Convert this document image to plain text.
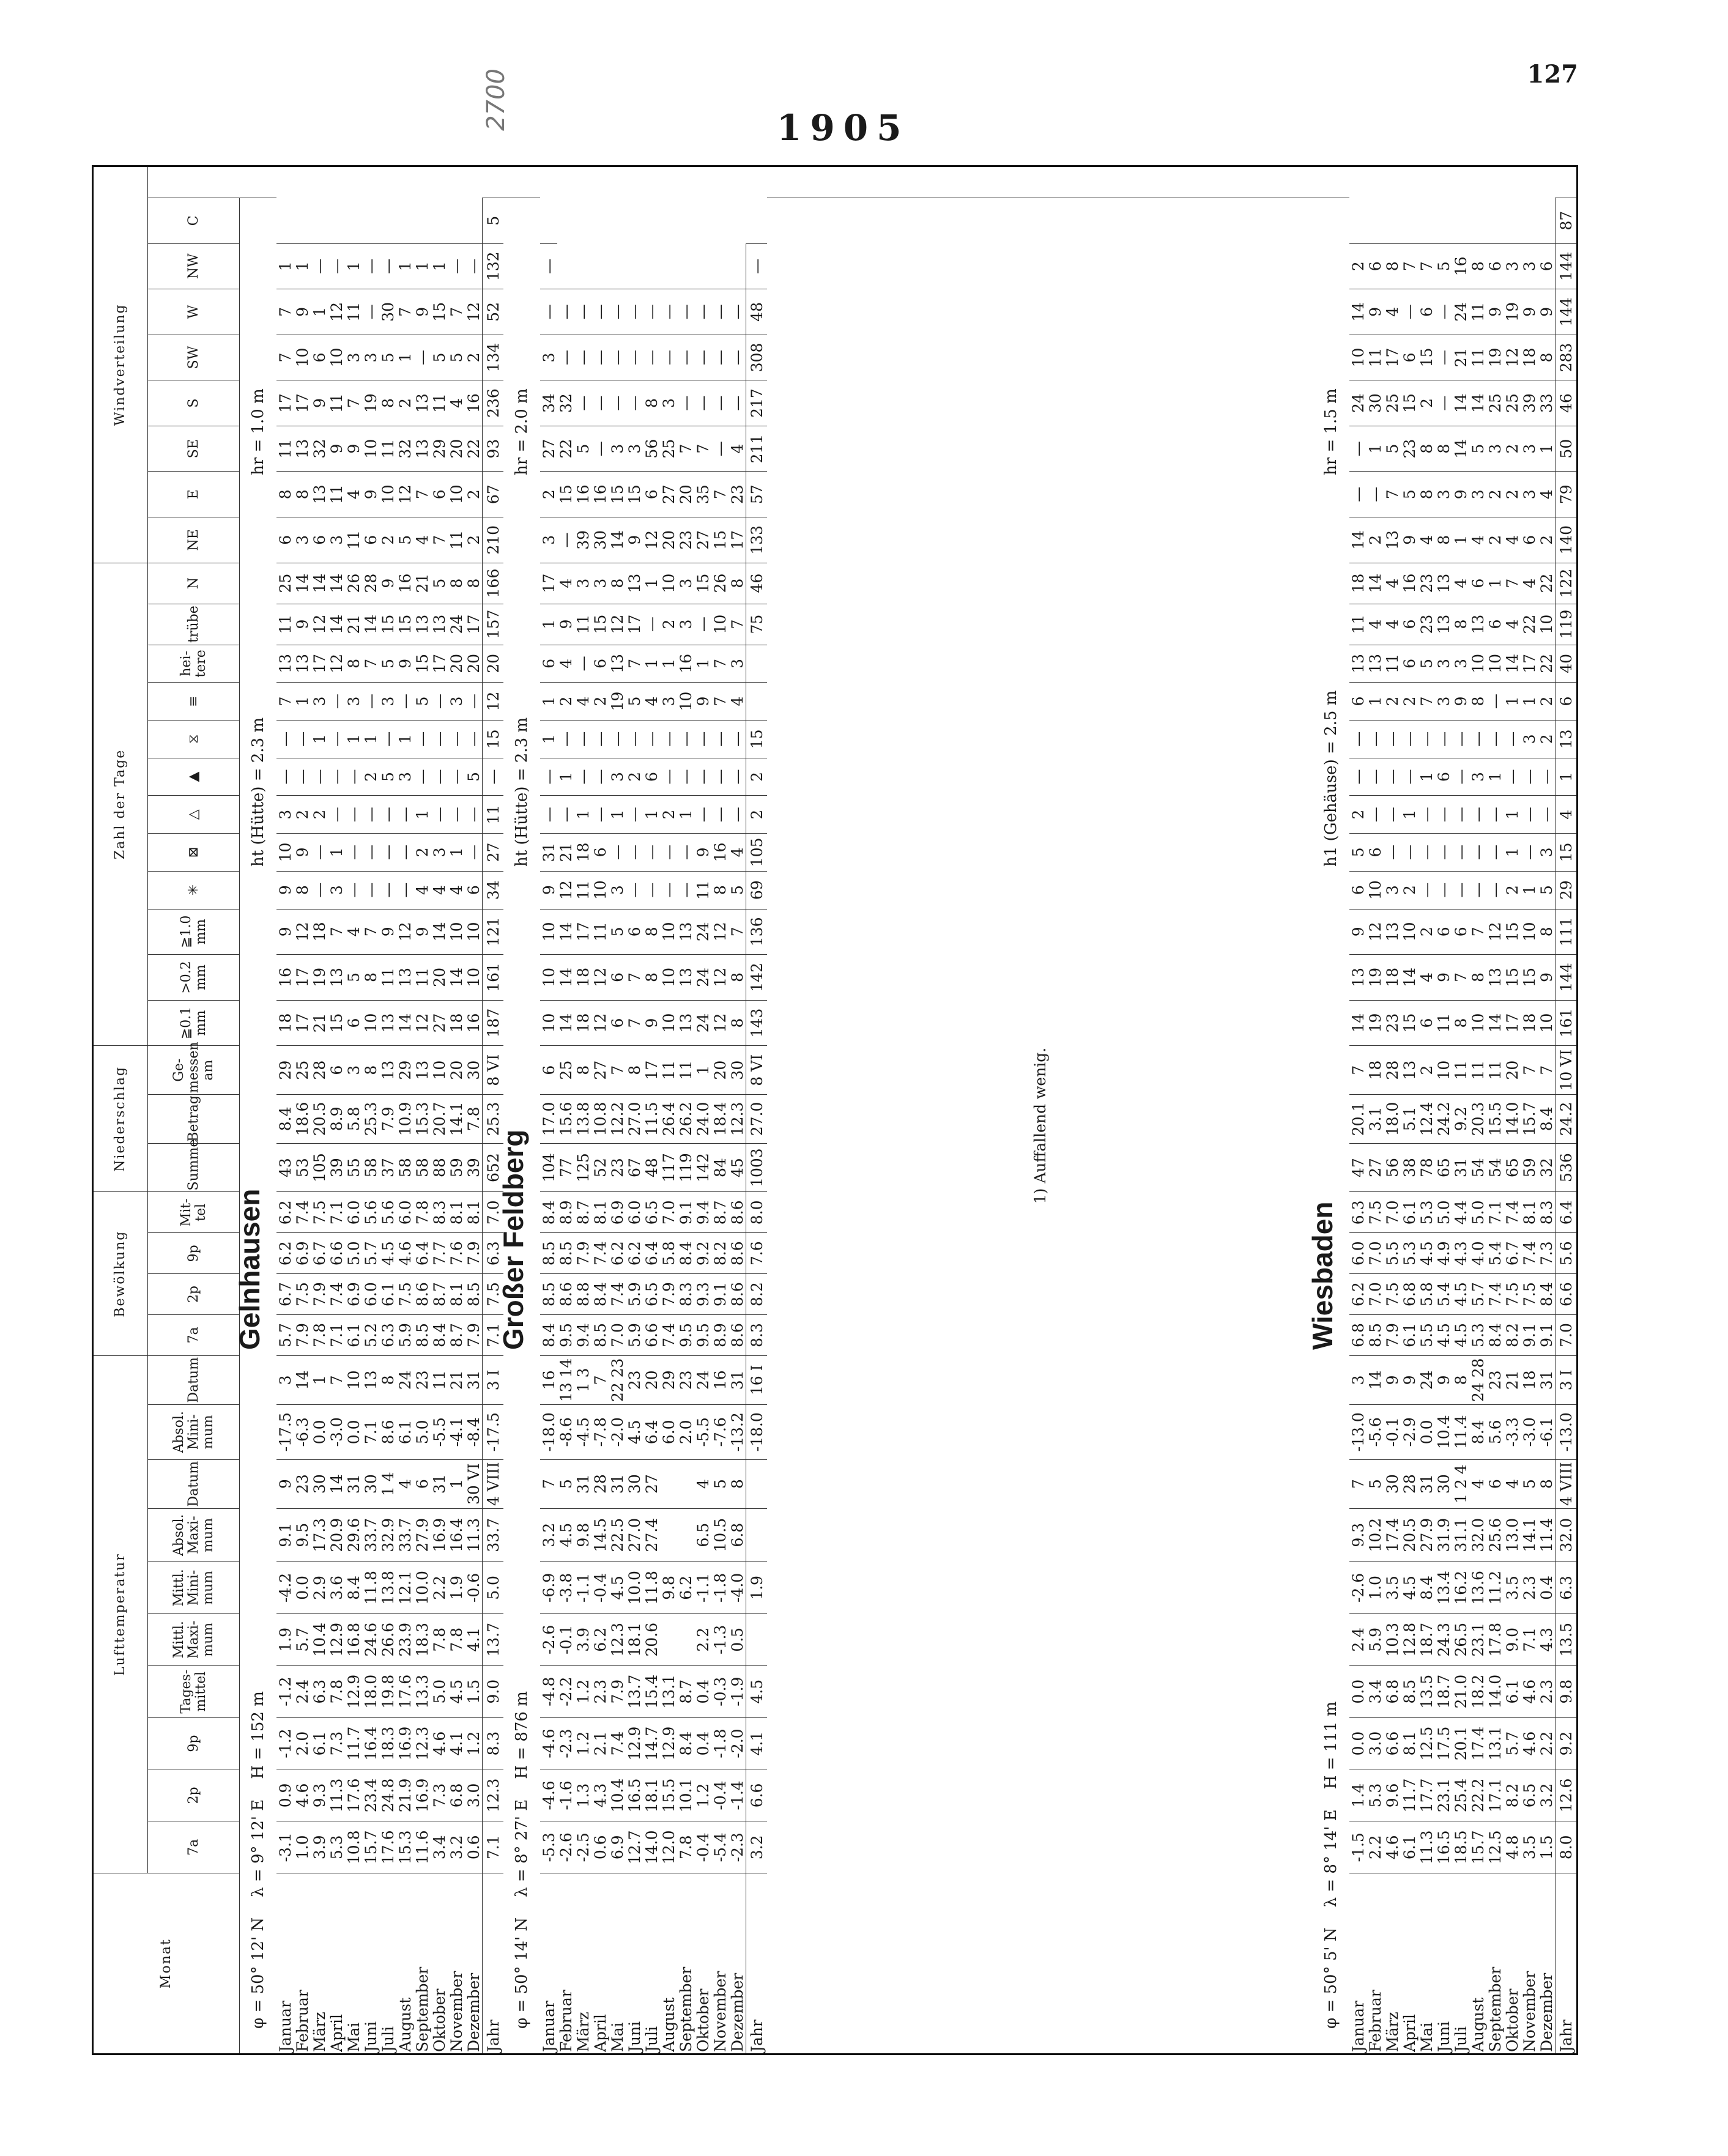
127
1905
2700
Monat	Lufttemperatur										Bewölkung				Niederschlag			Zahl der Tage												Windverteilung							
	7a	2p	9p	Tages-mittel	Mittl. Maxi-mum	Mittl. Mini-mum	Absol. Maxi-mum	Datum	Absol. Mini-mum	Datum	7a	2p	9p	Mit-tel	Summe	Betrag	Ge-messen am	≧0.1 mm	>0.2 mm	≧1.0 mm	✳	⊠	△	▲	⧖	≡	hei-tere	trübe	N	NE	E	SE	S	SW	W	NW	C

φ = 50° 12' N    λ = 9° 12' E    H = 152 m
Gelnhausen
ht (Hütte) = 2.3 m
hr = 1.0 m																																					

Januar	-3.1	0.9	-1.2	-1.2	1.9	-4.2	9.1	9	-17.5	3	5.7	6.7	6.2	6.2	43	8.4	29	18	16	9	9	10	3	—	—	7	13	11	25	6	8	11	17	7	7	1	
Februar	1.0	4.6	2.0	2.4	5.7	0.0	9.5	23	-6.3	14	7.9	7.5	6.9	7.4	53	18.6	25	17	17	12	8	9	2	—	—	1	13	9	14	3	8	13	17	10	9	1	
März	3.9	9.3	6.1	6.3	10.4	2.9	17.3	30	0.0	1	7.8	7.9	6.7	7.5	105	20.5	28	21	19	18	—	—	2	—	1	3	17	12	14	6	13	32	9	6	1	—	
April	5.3	11.3	7.3	7.8	12.9	3.6	20.9	14	-3.0	7	7.1	7.4	6.6	7.1	39	8.9	6	15	13	7	3	1	—	—	—	—	12	14	14	3	11	9	11	10	12	—	
Mai	10.8	17.6	11.7	12.9	16.8	8.4	29.6	31	0.0	10	6.1	6.9	5.0	6.0	55	5.8	3	6	5	4	—	—	—	—	1	3	8	21	26	11	4	9	7	3	11	1	
Juni	15.7	23.4	16.4	18.0	24.6	11.8	33.7	30	7.1	13	5.2	6.0	5.7	5.6	58	25.3	8	10	8	7	—	—	—	2	1	—	7	14	28	6	9	10	19	3	—	—	
Juli	17.6	24.8	18.3	19.8	26.6	13.8	32.9	1 4	8.6	8	6.3	6.1	4.5	5.6	37	7.9	13	13	11	9	—	—	—	5	—	3	5	15	9	2	10	11	8	5	30	—	
August	15.3	21.9	16.9	17.6	23.9	12.1	33.7	4	6.1	24	5.9	7.5	4.6	6.0	58	10.9	29	14	13	12	—	—	—	3	1	—	9	15	16	5	12	32	2	1	7	1	
September	11.6	16.9	12.3	13.3	18.3	10.0	27.9	6	5.0	23	8.5	8.6	6.4	7.8	58	15.3	13	12	11	9	4	2	1	—	—	5	15	13	21	4	7	13	13	—	9	1	
Oktober	3.4	7.3	4.6	5.0	7.8	2.2	16.9	31	-5.5	11	8.4	8.7	7.7	8.3	88	20.7	10	27	20	14	4	3	—	—	—	—	17	13	5	7	6	29	11	5	15	1	
November	3.2	6.8	4.1	4.5	7.8	1.9	16.4	1	-4.1	21	8.7	8.1	7.6	8.1	59	14.1	20	18	14	10	4	1	—	—	—	3	20	24	8	11	10	20	4	5	7	—	
Dezember	0.6	3.0	1.2	1.5	4.1	-0.6	11.3	30 VI	-8.4	31	7.9	8.5	7.9	8.1	39	7.8	30	16	10	10	6	—	—	5	—	—	20	17	8	2	2	22	16	2	12	—	
Jahr	7.1	12.3	8.3	9.0	13.7	5.0	33.7	4 VIII	-17.5	3 I	7.1	7.5	6.3	7.0	652	25.3	8 VI	187	161	121	34	27	11	—	15	12	20	157	166	210	67	93	236	134	52	132	5

φ = 50° 14' N    λ = 8° 27' E    H = 876 m
Großer Feldberg
ht (Hütte) = 2.3 m
hr = 2.0 m																																					

Januar	-5.3	-4.6	-4.6	-4.8	-2.6	-6.9	3.2	7	-18.0	16	8.4	8.5	8.5	8.4	104	17.0	6	10	10	10	9	31	—	—	1	1	6	1	17	3	2	27	34	3	—	—	
Februar	-2.6	-1.6	-2.3	-2.2	-0.1	-3.8	4.5	5	-8.6	13 14	9.5	8.6	8.5	8.9	77	15.6	25	14	14	14	12	21	—	1	—	2	4	9	4	—	15	22	32	—	—		
März	-2.5	1.3	1.2	1.2	3.9	-1.1	9.8	31	-4.5	1 3	9.4	8.8	7.9	8.7	125	13.8	8	18	18	17	11	18	1	—	—	4	—	11	3	39	16	5	—	—	—		
April	0.6	4.3	2.1	2.3	6.2	-0.4	14.5	28	-7.8	7	8.5	8.4	7.4	8.1	52	10.8	27	12	12	11	10	6	—	—	—	2	6	15	3	30	16	—	—	—	—		
Mai	6.9	10.4	7.4	7.9	12.3	4.5	22.5	31	-2.0	22 23	7.0	7.4	6.2	6.9	23	12.2	7	6	6	5	3	—	1	3	—	19	13	12	8	14	15	3	—	—	—		
Juni	12.7	16.5	12.9	13.7	18.1	10.0	27.0	30	4.5	23	5.9	5.9	6.2	6.0	67	27.0	8	7	7	6	—	—	—	2	—	5	7	17	13	9	15	3	—	—	—		
Juli	14.0	18.1	14.7	15.4	20.6	11.8	27.4	27	6.4	20	6.6	6.5	6.4	6.5	48	11.5	17	9	8	8	—	—	1	6	—	4	1	—	1	12	6	56	8	—	—		
August	12.0	15.5	12.9	13.1		9.8			6.0	29	7.4	7.9	5.8	7.0	117	26.4	11	10	10	10	—	—	2	—	—	3	1	2	10	20	27	25	3	—	—		
September	7.8	10.1	8.4	8.7		6.2			2.0	23	9.5	8.3	8.4	9.1	119	26.2	11	13	13	13	—	—	1	—	—	10	16	3	3	23	20	7	—	—	—		
Oktober	-0.4	1.2	0.4	0.4	2.2	-1.1	6.5	4	-5.5	24	9.5	9.3	9.2	9.4	142	24.0	1	24	24	24	11	9	—	—	—	9	1	—	15	27	35	7	—	—	—		
November	-5.4	-0.4	-1.8	-0.3	-1.3	-1.8	10.5	5	-7.6	16	8.9	9.1	8.2	8.7	84	18.4	20	12	12	12	8	16	—	—	—	7	7	10	26	15	7	—	—	—	—		
Dezember	-2.3	-1.4	-2.0	-1.9	0.5	-4.0	6.8	8	-13.2	31	8.6	8.6	8.6	8.6	45	12.3	30	8	8	7	5	4	—	—	—	4	3	7	8	17	23	4	—	—	—		
Jahr	3.2	6.6	4.1	4.5		1.9			-18.0	16 I	8.3	8.2	7.6	8.0	1003	27.0	8 VI	143	142	136	69	105	2	2	15			75	46	133	57	211	217	308	48	—	
1) Auffallend wenig.																																					

φ = 50° 5' N    λ = 8° 14' E    H = 111 m
Wiesbaden
h1 (Gehäuse) = 2.5 m
hr = 1.5 m																																					

Januar	-1.5	1.4	0.0	0.0	2.4	-2.6	9.3	7	-13.0	3	6.8	6.2	6.0	6.3	47	20.1	7	14	13	9	6	5	2	—	—	6	13	11	18	14	—	—	24	10	14	2	
Februar	2.2	5.3	3.0	3.4	5.9	1.0	10.2	5	-5.6	14	8.5	7.0	7.0	7.5	27	3.1	18	19	19	12	10	6	—	—	—	1	13	4	14	2	—	1	30	11	9	6	
März	4.6	9.6	6.6	6.8	10.3	3.5	17.4	30	-0.1	9	7.9	7.5	5.5	7.0	56	18.0	28	23	18	13	3	—	—	—	—	2	11	4	4	13	7	5	25	17	4	8	
April	6.1	11.7	8.1	8.5	12.8	4.5	20.5	28	-2.9	9	6.1	6.8	5.3	6.1	38	5.1	13	15	14	10	2	—	1	—	—	2	6	6	16	9	5	23	15	6	—	7	
Mai	11.3	17.7	12.5	13.5	18.7	8.4	27.9	31	0.0	24	5.5	5.8	4.5	5.3	78	12.4	2	6	4	2	—	—	—	1	—	7	5	23	23	4	8	8	2	15	6	7	
Juni	16.5	23.1	17.5	18.7	24.3	13.4	31.9	30	10.4	9	4.5	5.4	4.9	5.0	65	24.2	10	11	9	6	—	—	—	6	—	3	3	13	13	8	3	8	—	—	—	5	
Juli	18.5	25.4	20.1	21.0	26.5	16.2	31.1	1 2 4	11.4	8	4.5	4.5	4.3	4.4	31	9.2	11	8	7	6	—	—	—	—	—	9	3	8	4	1	9	14	14	21	24	16	
August	15.7	22.2	17.4	18.2	23.1	13.6	32.0	4	8.4	24 28	5.3	5.7	4.0	5.0	54	20.3	11	10	8	7	—	—	—	3	—	8	10	13	6	4	3	5	14	11	11	8	
September	12.5	17.1	13.1	14.0	17.8	11.2	25.6	6	5.6	23	8.4	7.4	5.4	7.1	54	15.5	11	14	13	12	—	—	—	1	—	—	10	6	1	2	2	3	25	19	9	6	
Oktober	4.8	8.2	5.7	6.1	9.0	3.5	13.0	4	-3.3	21	8.2	7.5	6.7	7.4	65	14.0	20	17	15	15	2	1	1	—	—	1	14	4	7	4	2	2	25	12	19	3	
November	3.5	6.5	4.6	4.6	7.1	2.3	14.1	5	-3.0	18	9.1	7.5	7.4	8.1	59	15.7	7	18	15	10	1	—	—	—	3	1	17	22	4	6	3	3	39	18	9	3	
Dezember	1.5	3.2	2.2	2.3	4.3	0.4	11.4	8	-6.1	31	9.1	8.4	7.3	8.3	32	8.4	7	10	9	8	5	3	—	—	2	2	22	10	22	2	4	1	33	8	9	6	
Jahr	8.0	12.6	9.2	9.8	13.5	6.3	32.0	4 VIII	-13.0	3 I	7.0	6.6	5.6	6.4	536	24.2	10 VI	161	144	111	29	15	4	1	13	6	40	119	122	140	79	50	46	283	144	144	87
